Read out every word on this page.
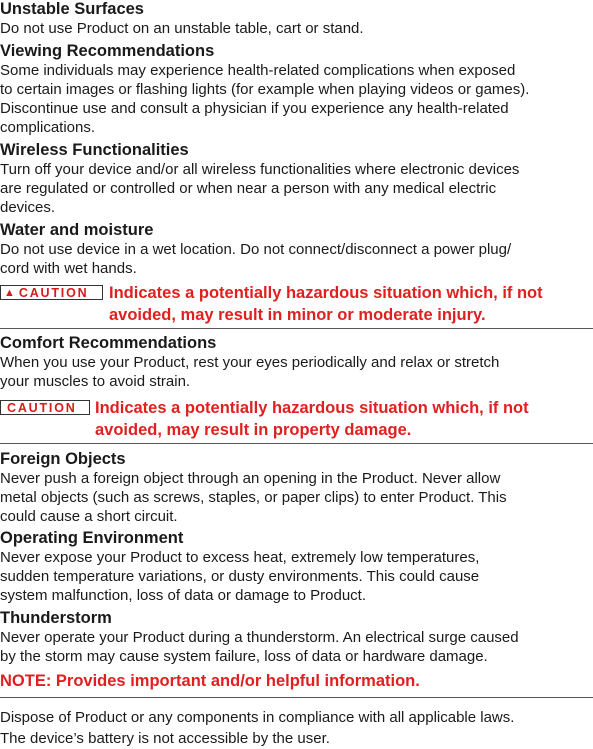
Unstable Surfaces

Do not use Product on an unstable table, cart or stand.

Viewing Recommendations

Some individuals may experience health-related complications when exposed

to certain images or flashing lights (for example when playing videos or games).

Discontinue use and consult a physician if you experience any health-related

complications.

Wireless Functionalities

Turn off your device and/or all wireless functionalities where electronic devices

are regulated or controlled or when near a person with any medical electric

devices.

Water and moisture

Do not use device in a wet location. Do not connect/disconnect a power plug/

cord with wet hands.

▲ CAUTION Indicates a potentially hazardous situation which, if not
avoided, may result in minor or moderate injury.

Comfort Recommendations

When you use your Product, rest your eyes periodically and relax or stretch

your muscles to avoid strain.

CAUTION Indicates a potentially hazardous situation which, if not
avoided, may result in property damage.

Foreign Objects

Never push a foreign object through an opening in the Product. Never allow

metal objects (such as screws, staples, or paper clips) to enter Product. This

could cause a short circuit.

Operating Environment

Never expose your Product to excess heat, extremely low temperatures,

sudden temperature variations, or dusty environments. This could cause

system malfunction, loss of data or damage to Product.

Thunderstorm

Never operate your Product during a thunderstorm. An electrical surge caused

by the storm may cause system failure, loss of data or hardware damage.

NOTE: Provides important and/or helpful information.

Dispose of Product or any components in compliance with all applicable laws.

The device’s battery is not accessible by the user.
